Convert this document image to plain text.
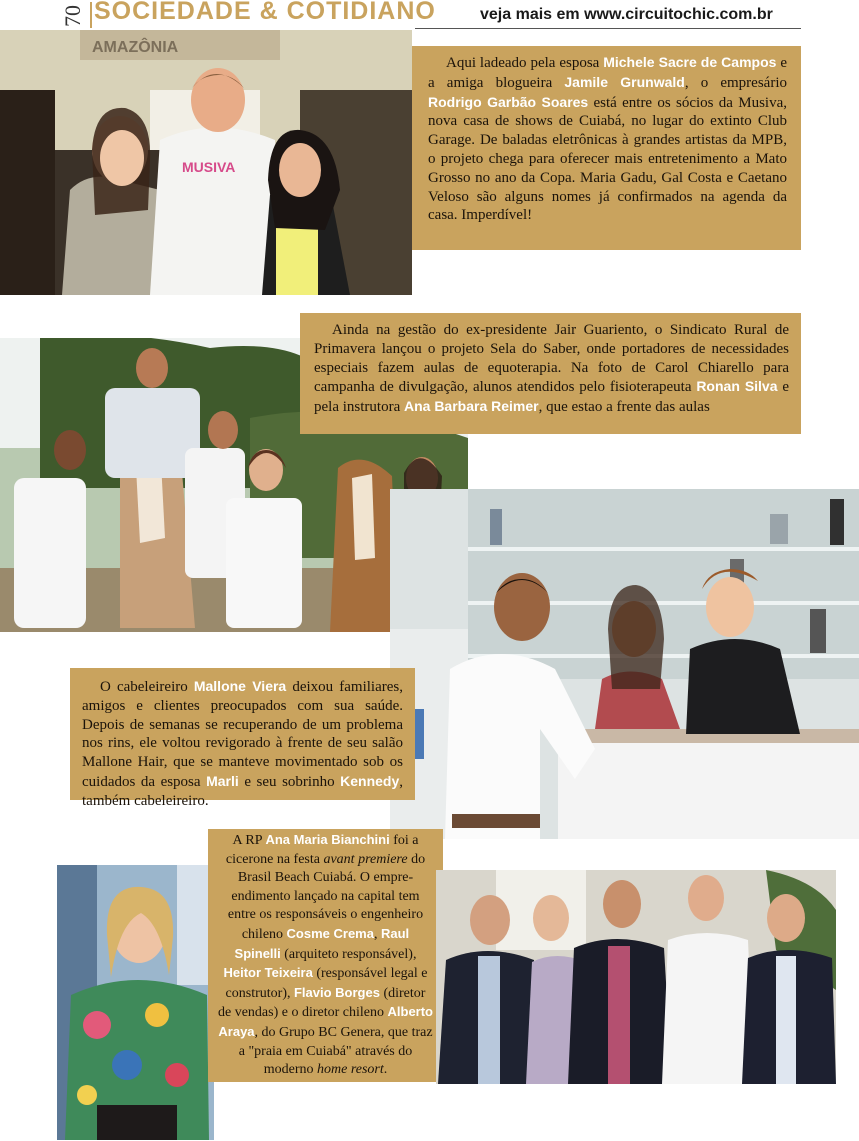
70 SOCIEDADE & COTIDIANO	veja mais em www.circuitochic.com.br
AMAZÔNIA
MUSIVA

Aqui ladeado pela esposa Michele Sacre de Campos e a amiga blogueira Jamile Grunwald, o empresário Rodrigo Garbão Soares está entre os sócios da Musiva, nova casa de shows de Cuiabá, no lugar do extinto Club Garage. De baladas eletrônicas à grandes artistas da MPB, o projeto chega para oferecer mais entretenimento a Mato Grosso no ano da Copa. Maria Gadu, Gal Costa e Caetano Veloso são alguns nomes já confirmados na agenda da casa. Imperdível!

Ainda na gestão do ex-presidente Jair Guariento, o Sindicato Rural de Primavera lançou o projeto Sela do Saber, onde portadores de necessidades especiais fazem aulas de equoterapia. Na foto de Carol Chiarello para campanha de divulgação, alunos atendidos pelo fisioterapeuta Ronan Silva e pela instrutora Ana Barbara Reimer, que estao a frente das aulas

O cabeleireiro Mallone Viera deixou familiares, amigos e clientes preocupados com sua saúde. Depois de semanas se recuperando de um problema nos rins, ele voltou revigorado à frente de seu salão Mallone Hair, que se manteve movimentado sob os cuidados da esposa Marli e seu sobrinho Kennedy, também cabeleireiro.

A RP Ana Maria Bianchini foi a cicerone na festa avant premiere do Brasil Beach Cuiabá. O empre-endimento lançado na capital tem entre os responsáveis o engenheiro chileno Cosme Crema, Raul Spinelli (arquiteto responsável), Heitor Teixeira (responsável legal e construtor), Flavio Borges (diretor de vendas) e o diretor chileno Alberto Araya, do Grupo BC Genera, que traz a "praia em Cuiabá" através do moderno home resort.
